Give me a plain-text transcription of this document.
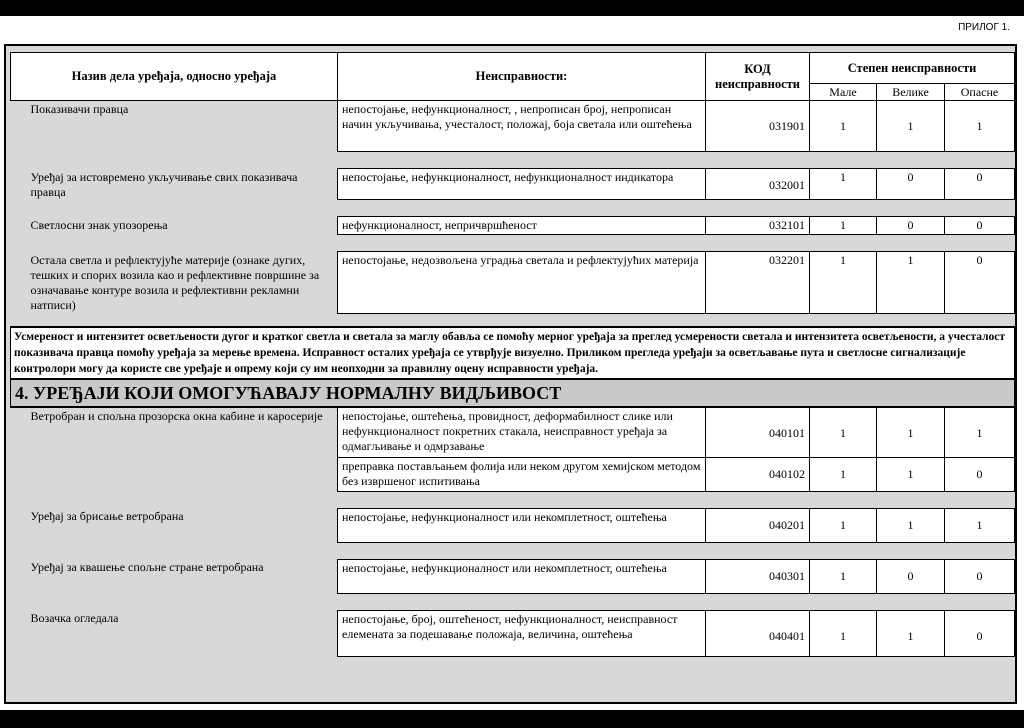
ПРИЛОГ 1.
Назив дела уређаја, односно уређаја	Неисправности:	КОД
неисправности	Степен неисправности		
			Мале	Велике	Опасне
Показивачи правца	непостојање, нефункционалност, , непрописан број, непрописан начин укључивања, учесталост, положај, боја светала или оштећења	031901	1	1	1

Уређај за истовремено укључивање свих показивача правца	непостојање, нефункционалност, нефункционалност индикатора	032001	1	0	0

Светлосни знак упозорења	нефункционалност, непричвршћеност	032101	1	0	0

Остала светла и рефлектујуће материје (ознаке дугих, тешких и спорих возила као и рефлективне површине за означавање контуре возила и рефлективни рекламни натписи)	непостојање, недозвољена уградња светала и рефлектујућих материја	032201	1	1	0

Усмереност и интензитет осветљености дугог и кратког светла и светала за маглу обавља се помоћу мерног уређаја за преглед усмерености светала и интензитета осветљености, а учесталост показивача правца помоћу уређаја за мерење времена. Исправност осталих уређаја се утврђује визуелно. Приликом прегледа уређаји за осветљавање пута и светлосне сигнализације контролори могу да користе све уређаје и опрему који су им неопходни за правилну оцену исправности уређаја.					
4. УРЕЂАЈИ КОЈИ ОМОГУЋАВАЈУ НОРМАЛНУ ВИДЉИВОСТ					
Ветробран и спољна прозорска окна кабине и каросерије	непостојање, оштећења, провидност, деформабилност слике или нефункционалност покретних стакала, неисправност уређаја за одмагљивање и одмрзавање	040101	1	1	1
	преправка постављањем фолија или неком другом хемијском методом без извршеног испитивања	040102	1	1	0

Уређај за брисање ветробрана	непостојање, нефункционалност или некомплетност, оштећења	040201	1	1	1

Уређај за квашење спољне стране ветробрана	непостојање, нефункционалност или некомплетност, оштећења	040301	1	0	0

Возачка огледала	непостојање, број, оштећеност, нефункционалност, неисправност елемената за подешавање положаја, величина, оштећења	040401	1	1	0
